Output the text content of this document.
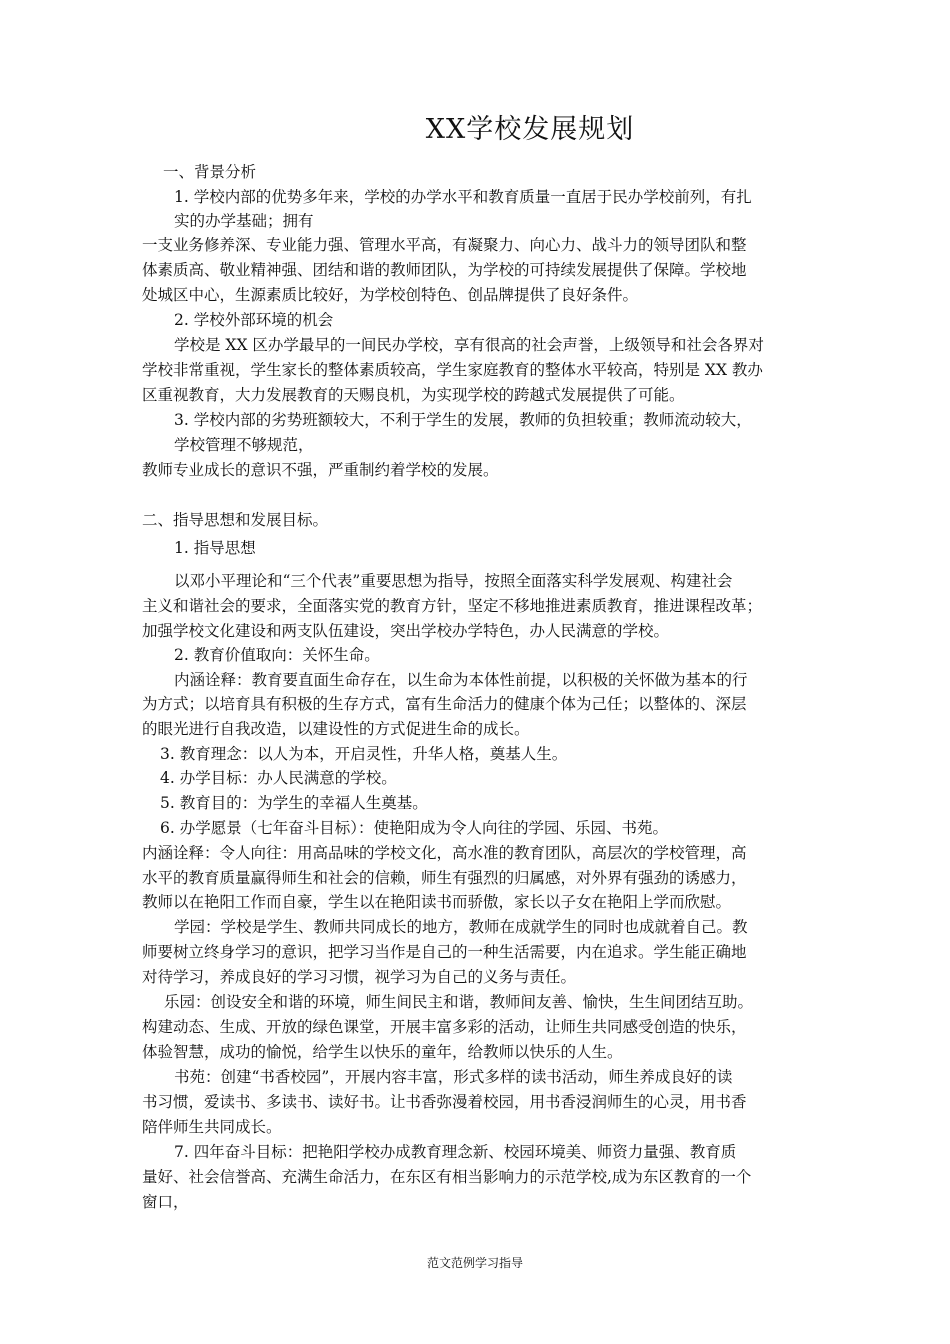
XX学校发展规划
一、背景分析
1. 学校内部的优势多年来，学校的办学水平和教育质量一直居于民办学校前列，有扎
实的办学基础；拥有
一支业务修养深、专业能力强、管理水平高，有凝聚力、向心力、战斗力的领导团队和整
体素质高、敬业精神强、团结和谐的教师团队，为学校的可持续发展提供了保障。学校地
处城区中心，生源素质比较好，为学校创特色、创品牌提供了良好条件。
2. 学校外部环境的机会
学校是 XX 区办学最早的一间民办学校，享有很高的社会声誉，上级领导和社会各界对
学校非常重视，学生家长的整体素质较高，学生家庭教育的整体水平较高，特别是 XX 教办
区重视教育，大力发展教育的天赐良机，为实现学校的跨越式发展提供了可能。
3. 学校内部的劣势班额较大，不利于学生的发展，教师的负担较重；教师流动较大，
学校管理不够规范，
教师专业成长的意识不强，严重制约着学校的发展。
二、指导思想和发展目标。
1. 指导思想
以邓小平理论和“三个代表”重要思想为指导，按照全面落实科学发展观、构建社会
主义和谐社会的要求，全面落实党的教育方针，坚定不移地推进素质教育，推进课程改革；
加强学校文化建设和两支队伍建设，突出学校办学特色，办人民满意的学校。
2. 教育价值取向：关怀生命。
内涵诠释：教育要直面生命存在，以生命为本体性前提，以积极的关怀做为基本的行
为方式；以培育具有积极的生存方式，富有生命活力的健康个体为己任；以整体的、深层
的眼光进行自我改造，以建设性的方式促进生命的成长。
3. 教育理念：以人为本，开启灵性，升华人格，奠基人生。
4. 办学目标：办人民满意的学校。
5. 教育目的：为学生的幸福人生奠基。
6. 办学愿景（七年奋斗目标）：使艳阳成为令人向往的学园、乐园、书苑。
内涵诠释：令人向往：用高品味的学校文化，高水准的教育团队，高层次的学校管理，高
水平的教育质量赢得师生和社会的信赖，师生有强烈的归属感，对外界有强劲的诱感力，
教师以在艳阳工作而自豪，学生以在艳阳读书而骄傲，家长以子女在艳阳上学而欣慰。
学园：学校是学生、教师共同成长的地方，教师在成就学生的同时也成就着自己。教
师要树立终身学习的意识，把学习当作是自己的一种生活需要，内在追求。学生能正确地
对待学习，养成良好的学习习惯，视学习为自己的义务与责任。
乐园：创设安全和谐的环境，师生间民主和谐，教师间友善、愉快，生生间团结互助。
构建动态、生成、开放的绿色课堂，开展丰富多彩的活动，让师生共同感受创造的快乐，
体验智慧，成功的愉悦，给学生以快乐的童年，给教师以快乐的人生。
书苑：创建“书香校园”，开展内容丰富，形式多样的读书活动，师生养成良好的读
书习惯，爱读书、多读书、读好书。让书香弥漫着校园，用书香浸润师生的心灵，用书香
陪伴师生共同成长。
7. 四年奋斗目标：把艳阳学校办成教育理念新、校园环境美、师资力量强、教育质
量好、社会信誉高、充满生命活力，在东区有相当影响力的示范学校,成为东区教育的一个
窗口，
范文范例学习指导
